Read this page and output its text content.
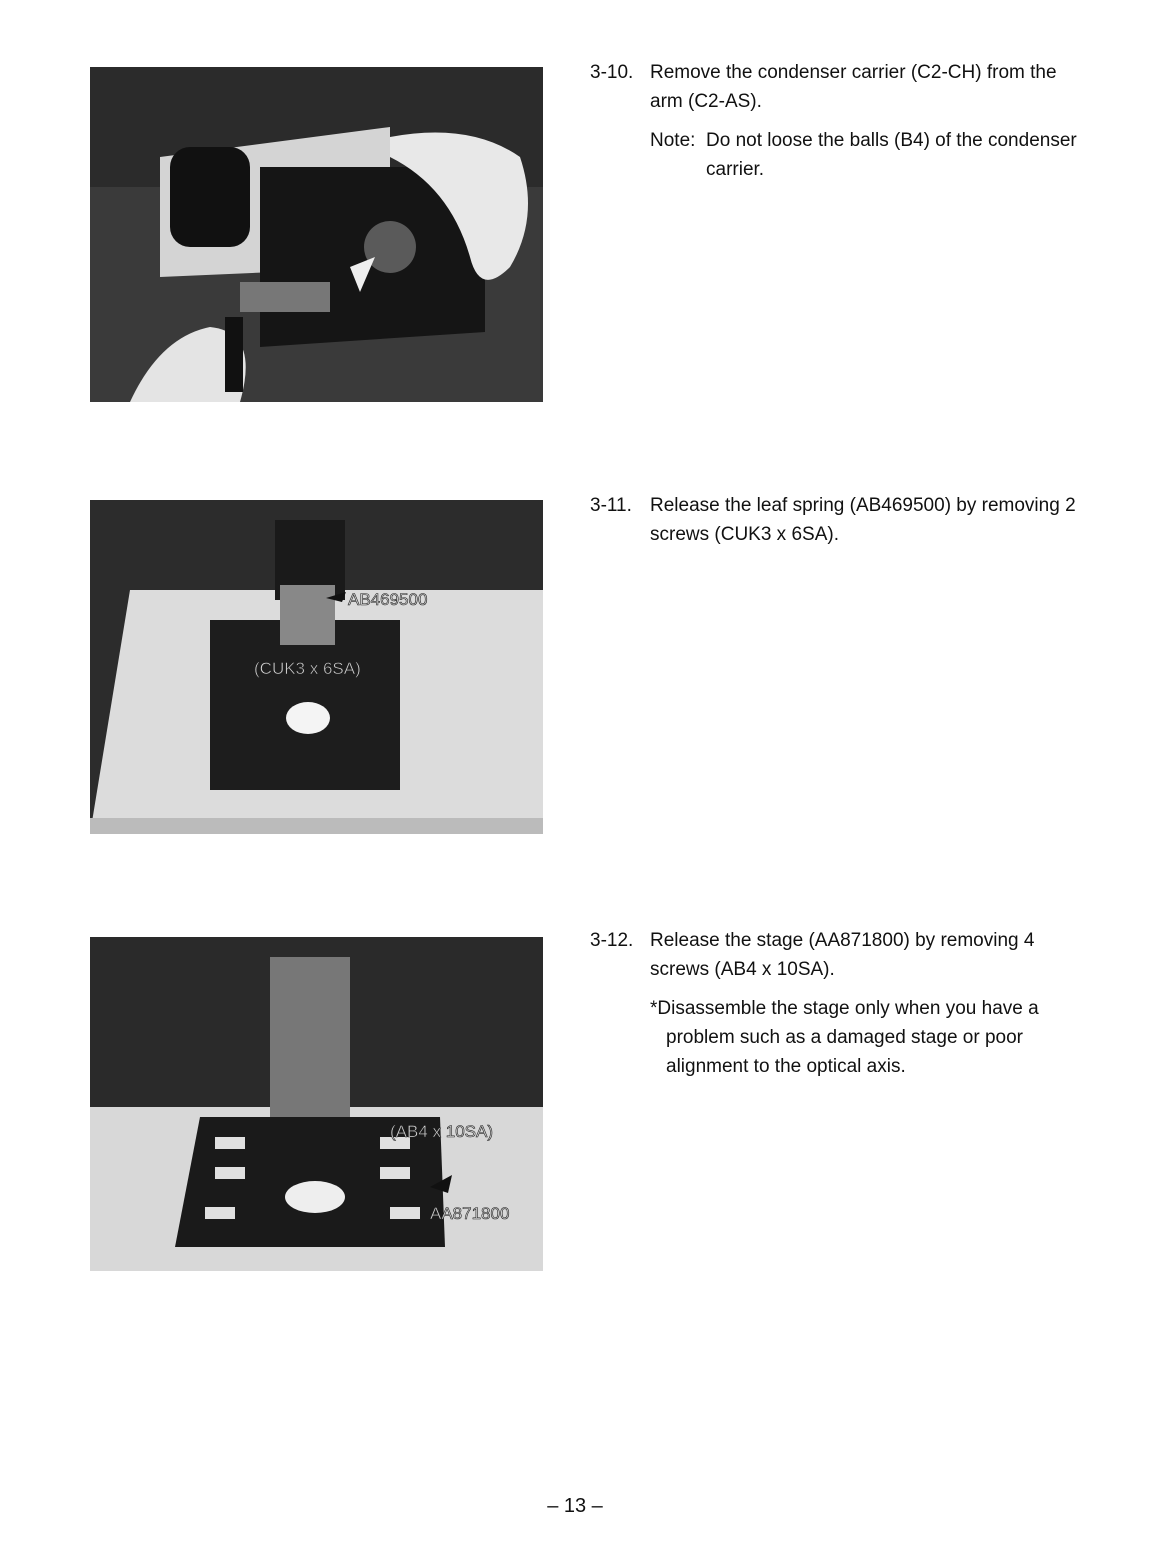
3-10. Remove the condenser carrier (C2-CH) from the arm (C2-AS).
Note: Do not loose the balls (B4) of the condenser carrier.
AB469500
(CUK3 x 6SA)
3-11. Release the leaf spring (AB469500) by removing 2 screws (CUK3 x 6SA).
(AB4 x 10SA)
AA871800
3-12. Release the stage (AA871800) by removing 4 screws (AB4 x 10SA).
*Disassemble the stage only when you have a problem such as a damaged stage or poor alignment to the optical axis.
– 13 –
